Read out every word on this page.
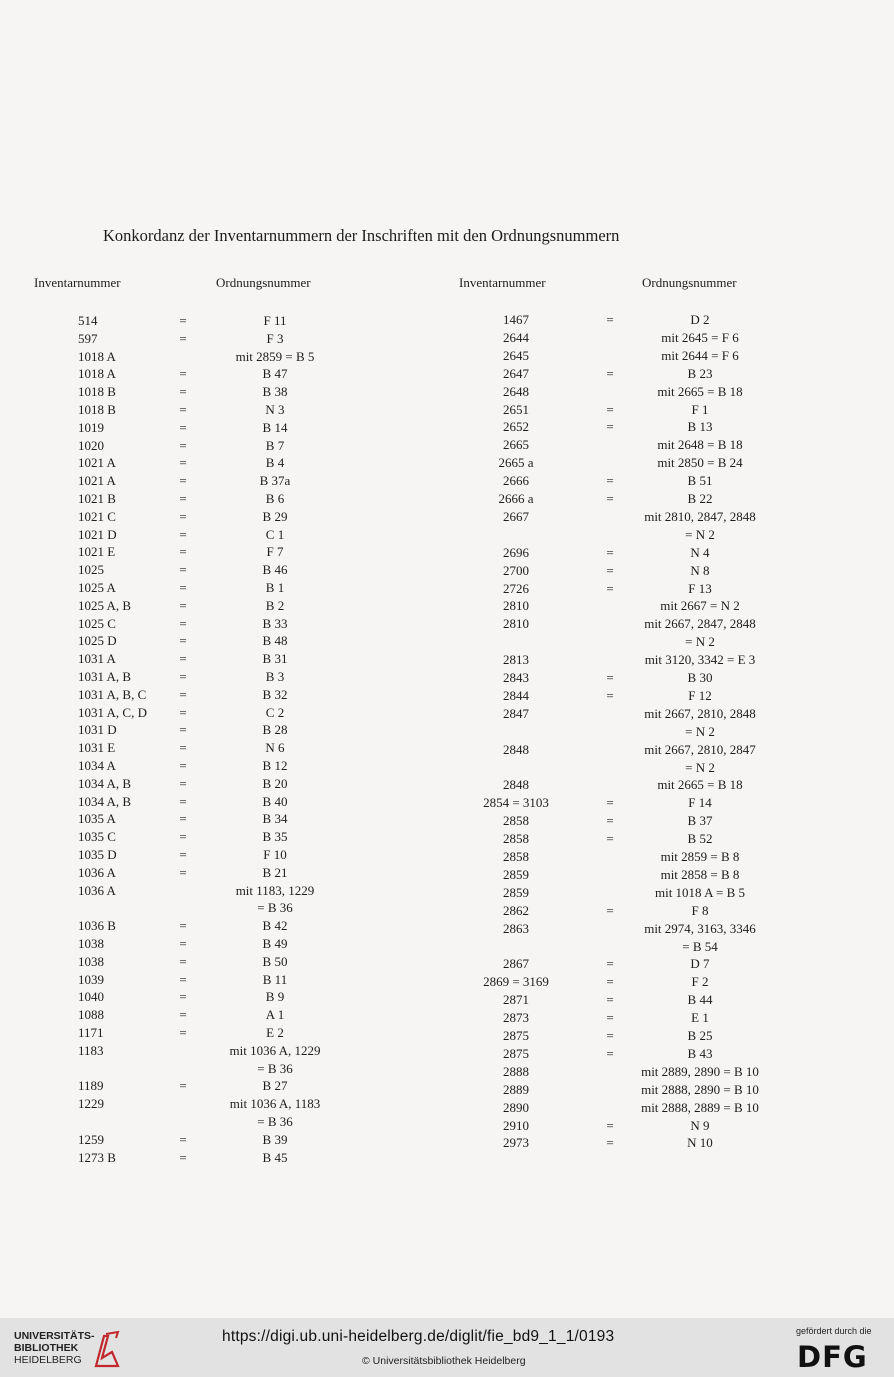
Konkordanz der Inventarnummern der Inschriften mit den Ordnungsnummern
Inventarnummer	Ordnungsnummer	Inventarnummer	Ordnungsnummer
514	=	F 11
597	=	F 3
1018 A	mit 2859 = B 5
1018 A	=	B 47
1018 B	=	B 38
1018 B	=	N 3
1019	=	B 14
1020	=	B 7
1021 A	=	B 4
1021 A	=	B 37a
1021 B	=	B 6
1021 C	=	B 29
1021 D	=	C 1
1021 E	=	F 7
1025	=	B 46
1025 A	=	B 1
1025 A, B	=	B 2
1025 C	=	B 33
1025 D	=	B 48
1031 A	=	B 31
1031 A, B	=	B 3
1031 A, B, C	=	B 32
1031 A, C, D	=	C 2
1031 D	=	B 28
1031 E	=	N 6
1034 A	=	B 12
1034 A, B	=	B 20
1034 A, B	=	B 40
1035 A	=	B 34
1035 C	=	B 35
1035 D	=	F 10
1036 A	=	B 21
1036 A	mit 1183, 1229
= B 36
1036 B	=	B 42
1038	=	B 49
1038	=	B 50
1039	=	B 11
1040	=	B 9
1088	=	A 1
1171	=	E 2
1183	mit 1036 A, 1229
= B 36
1189	=	B 27
1229	mit 1036 A, 1183
= B 36
1259	=	B 39
1273 B	=	B 45
1467	=	D 2
2644	mit 2645 = F 6
2645	mit 2644 = F 6
2647	=	B 23
2648	mit 2665 = B 18
2651	=	F 1
2652	=	B 13
2665	mit 2648 = B 18
2665 a	mit 2850 = B 24
2666	=	B 51
2666 a	=	B 22
2667	mit 2810, 2847, 2848
= N 2
2696	=	N 4
2700	=	N 8
2726	=	F 13
2810	mit 2667 = N 2
2810	mit 2667, 2847, 2848
= N 2
2813	mit 3120, 3342 = E 3
2843	=	B 30
2844	=	F 12
2847	mit 2667, 2810, 2848
= N 2
2848	mit 2667, 2810, 2847
= N 2
2848	mit 2665 = B 18
2854 = 3103	=	F 14
2858	=	B 37
2858	=	B 52
2858	mit 2859 = B 8
2859	mit 2858 = B 8
2859	mit 1018 A = B 5
2862	=	F 8
2863	mit 2974, 3163, 3346
= B 54
2867	=	D 7
2869 = 3169	=	F 2
2871	=	B 44
2873	=	E 1
2875	=	B 25
2875	=	B 43
2888	mit 2889, 2890 = B 10
2889	mit 2888, 2890 = B 10
2890	mit 2888, 2889 = B 10
2910	=	N 9
2973	=	N 10
UNIVERSITÄTS-
BIBLIOTHEK
HEIDELBERG
https://digi.ub.uni-heidelberg.de/diglit/fie_bd9_1_1/0193
© Universitätsbibliothek Heidelberg
gefördert durch die
DFG
